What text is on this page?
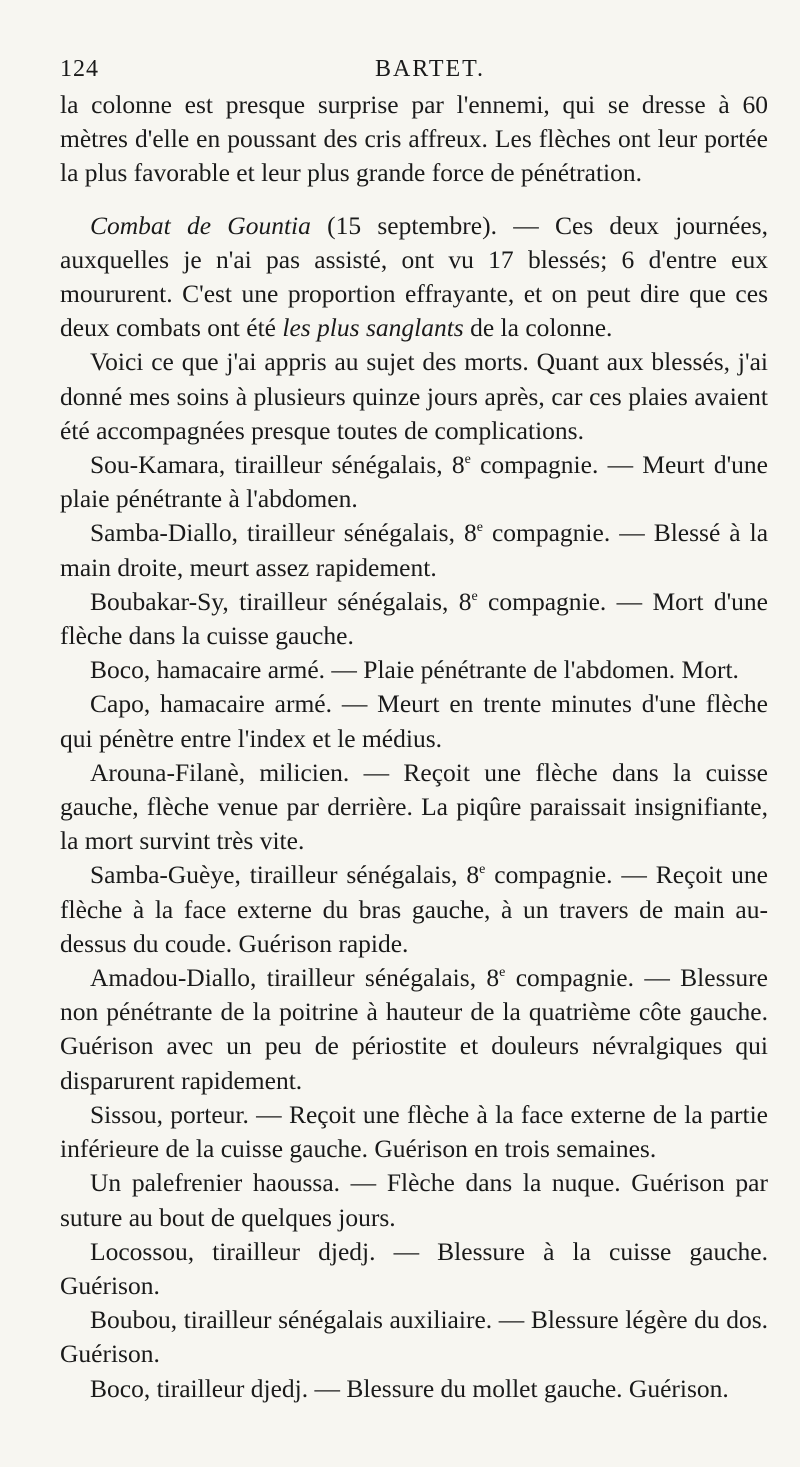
124	BARTET.

la colonne est presque surprise par l'ennemi, qui se dresse à 60 mètres d'elle en poussant des cris affreux. Les flèches ont leur portée la plus favorable et leur plus grande force de pénétration.

Combat de Gountia (15 septembre). — Ces deux journées, auxquelles je n'ai pas assisté, ont vu 17 blessés; 6 d'entre eux moururent. C'est une proportion effrayante, et on peut dire que ces deux combats ont été les plus sanglants de la colonne.

Voici ce que j'ai appris au sujet des morts. Quant aux blessés, j'ai donné mes soins à plusieurs quinze jours après, car ces plaies avaient été accompagnées presque toutes de complications.

Sou-Kamara, tirailleur sénégalais, 8e compagnie. — Meurt d'une plaie pénétrante à l'abdomen.

Samba-Diallo, tirailleur sénégalais, 8e compagnie. — Blessé à la main droite, meurt assez rapidement.

Boubakar-Sy, tirailleur sénégalais, 8e compagnie. — Mort d'une flèche dans la cuisse gauche.

Boco, hamacaire armé. — Plaie pénétrante de l'abdomen. Mort.

Capo, hamacaire armé. — Meurt en trente minutes d'une flèche qui pénètre entre l'index et le médius.

Arouna-Filanè, milicien. — Reçoit une flèche dans la cuisse gauche, flèche venue par derrière. La piqûre paraissait insignifiante, la mort survint très vite.

Samba-Guèye, tirailleur sénégalais, 8e compagnie. — Reçoit une flèche à la face externe du bras gauche, à un travers de main au-dessus du coude. Guérison rapide.

Amadou-Diallo, tirailleur sénégalais, 8e compagnie. — Blessure non pénétrante de la poitrine à hauteur de la quatrième côte gauche. Guérison avec un peu de périostite et douleurs névralgiques qui disparurent rapidement.

Sissou, porteur. — Reçoit une flèche à la face externe de la partie inférieure de la cuisse gauche. Guérison en trois semaines.

Un palefrenier haoussa. — Flèche dans la nuque. Guérison par suture au bout de quelques jours.

Locossou, tirailleur djedj. — Blessure à la cuisse gauche. Guérison.

Boubou, tirailleur sénégalais auxiliaire. — Blessure légère du dos. Guérison.

Boco, tirailleur djedj. — Blessure du mollet gauche. Guérison.
